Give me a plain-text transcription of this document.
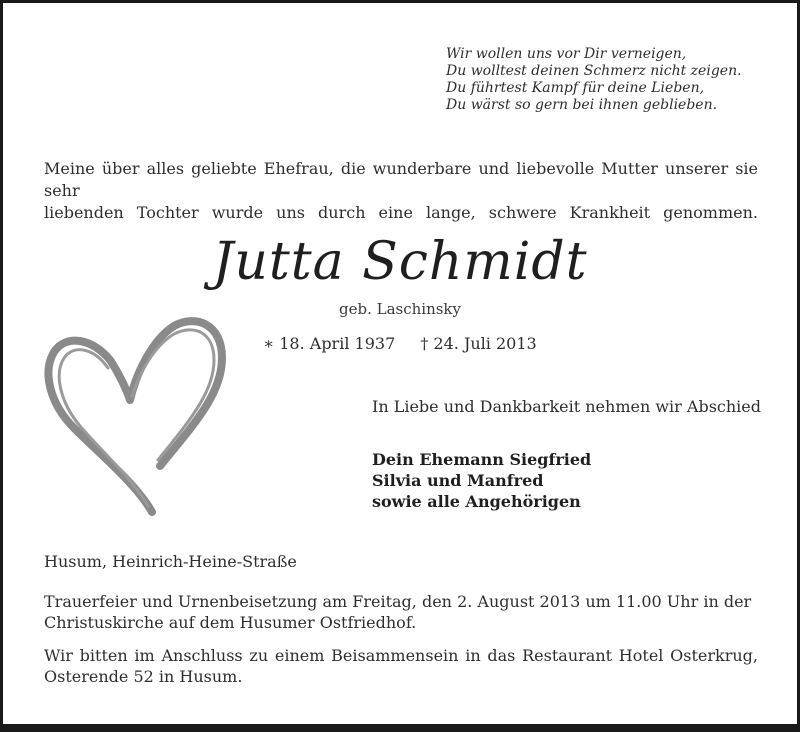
Wir wollen uns vor Dir verneigen,
Du wolltest deinen Schmerz nicht zeigen.
Du führtest Kampf für deine Lieben,
Du wärst so gern bei ihnen geblieben.
Meine über alles geliebte Ehefrau, die wunderbare und liebevolle Mutter unserer sie sehr
liebenden Tochter wurde uns durch eine lange, schwere Krankheit genommen.
Jutta Schmidt
geb. Laschinsky
∗ 18. April 1937 † 24. Juli 2013
In Liebe und Dankbarkeit nehmen wir Abschied
Dein Ehemann Siegfried
Silvia und Manfred
sowie alle Angehörigen
Husum, Heinrich-Heine-Straße
Trauerfeier und Urnenbeisetzung am Freitag, den 2. August 2013 um 11.00 Uhr in der Christuskirche auf dem Husumer Ostfriedhof.
Wir bitten im Anschluss zu einem Beisammensein in das Restaurant Hotel Osterkrug, Osterende 52 in Husum.
